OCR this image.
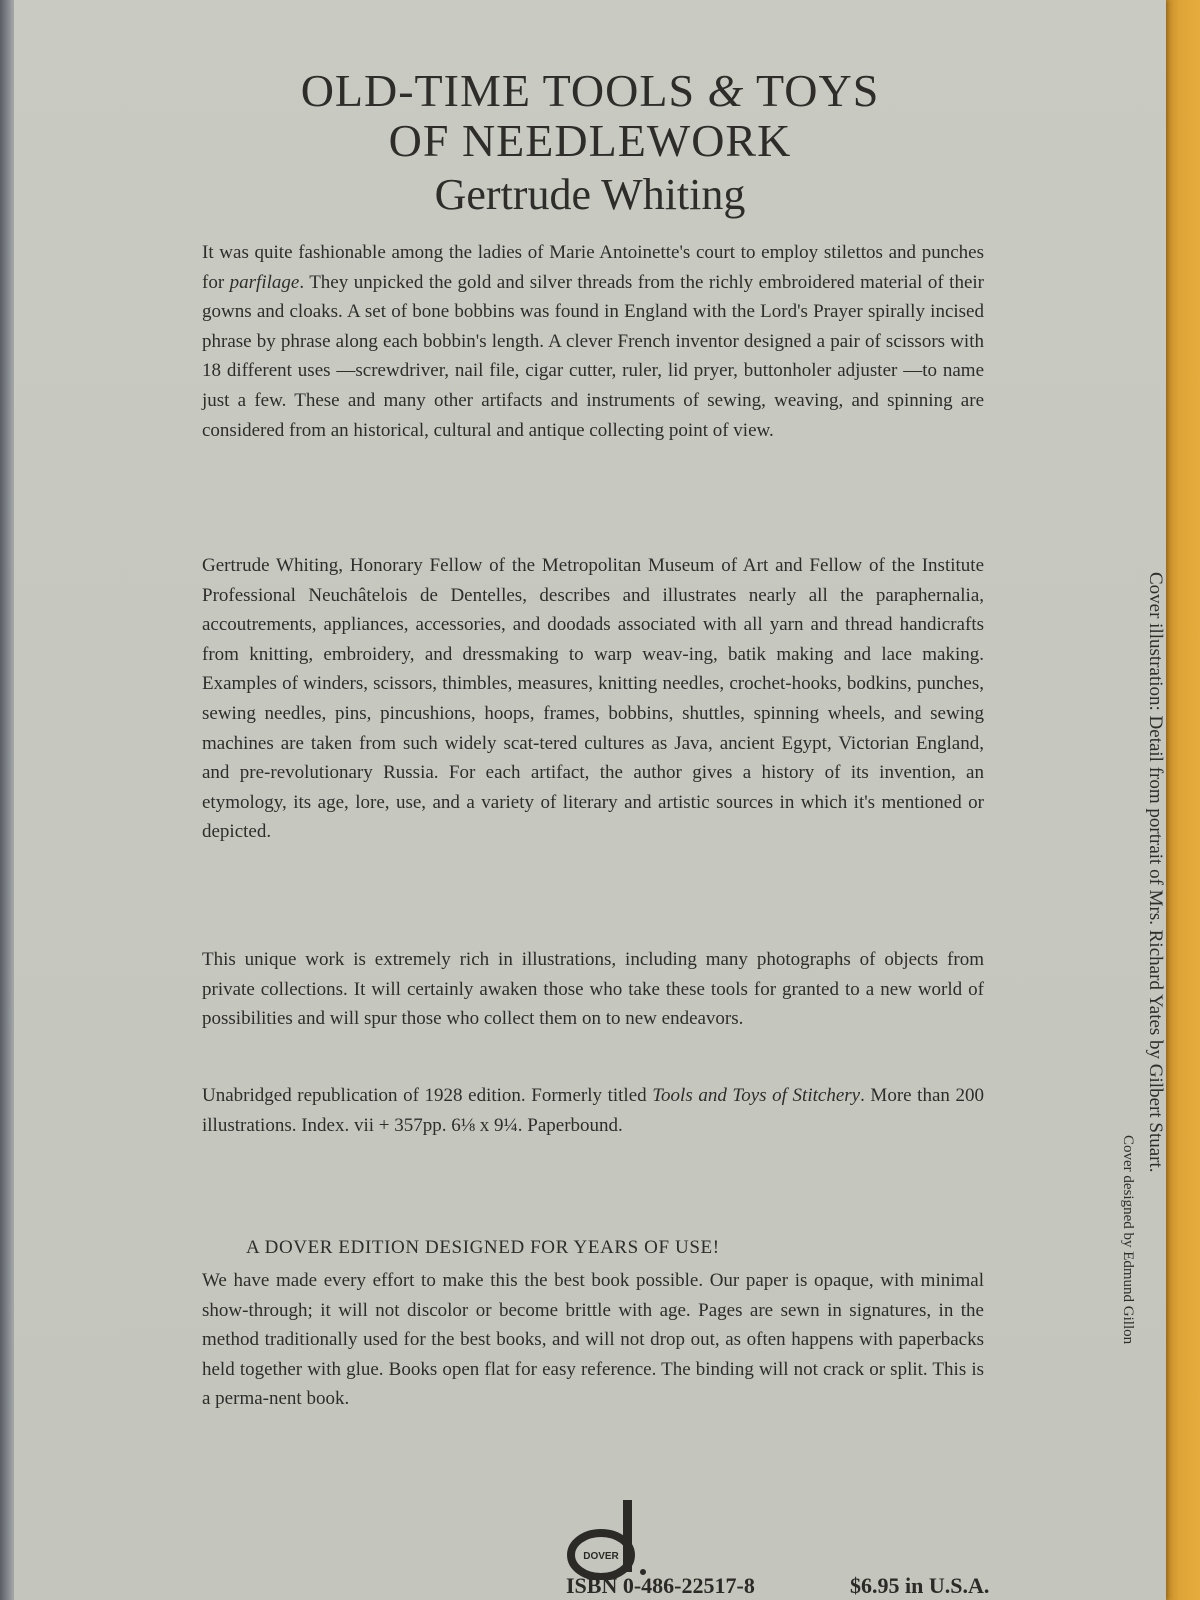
OLD-TIME TOOLS & TOYS
OF NEEDLEWORK
Gertrude Whiting
It was quite fashionable among the ladies of Marie Antoinette's court to employ stilettos and punches for parfilage. They unpicked the gold and silver threads from the richly embroidered material of their gowns and cloaks. A set of bone bobbins was found in England with the Lord's Prayer spirally incised phrase by phrase along each bobbin's length. A clever French inventor designed a pair of scissors with 18 different uses —screwdriver, nail file, cigar cutter, ruler, lid pryer, buttonholer adjuster —to name just a few. These and many other artifacts and instruments of sewing, weaving, and spinning are considered from an historical, cultural and antique collecting point of view.
Gertrude Whiting, Honorary Fellow of the Metropolitan Museum of Art and Fellow of the Institute Professional Neuchâtelois de Dentelles, describes and illustrates nearly all the paraphernalia, accoutrements, appliances, accessories, and doodads associated with all yarn and thread handicrafts from knitting, embroidery, and dressmaking to warp weav-ing, batik making and lace making. Examples of winders, scissors, thimbles, measures, knitting needles, crochet-hooks, bodkins, punches, sewing needles, pins, pincushions, hoops, frames, bobbins, shuttles, spinning wheels, and sewing machines are taken from such widely scat-tered cultures as Java, ancient Egypt, Victorian England, and pre-revolutionary Russia. For each artifact, the author gives a history of its invention, an etymology, its age, lore, use, and a variety of literary and artistic sources in which it's mentioned or depicted.
This unique work is extremely rich in illustrations, including many photographs of objects from private collections. It will certainly awaken those who take these tools for granted to a new world of possibilities and will spur those who collect them on to new endeavors.
Unabridged republication of 1928 edition. Formerly titled Tools and Toys of Stitchery. More than 200 illustrations. Index. vii + 357pp. 6⅛ x 9¼. Paperbound.
A DOVER EDITION DESIGNED FOR YEARS OF USE!
We have made every effort to make this the best book possible. Our paper is opaque, with minimal show-through; it will not discolor or become brittle with age. Pages are sewn in signatures, in the method traditionally used for the best books, and will not drop out, as often happens with paperbacks held together with glue. Books open flat for easy reference. The binding will not crack or split. This is a perma-nent book.
DOVER
ISBN 0-486-22517-8	$6.95 in U.S.A.
Cover illustration: Detail from portrait of Mrs. Richard Yates by Gilbert Stuart.
Cover designed by Edmund Gillon
